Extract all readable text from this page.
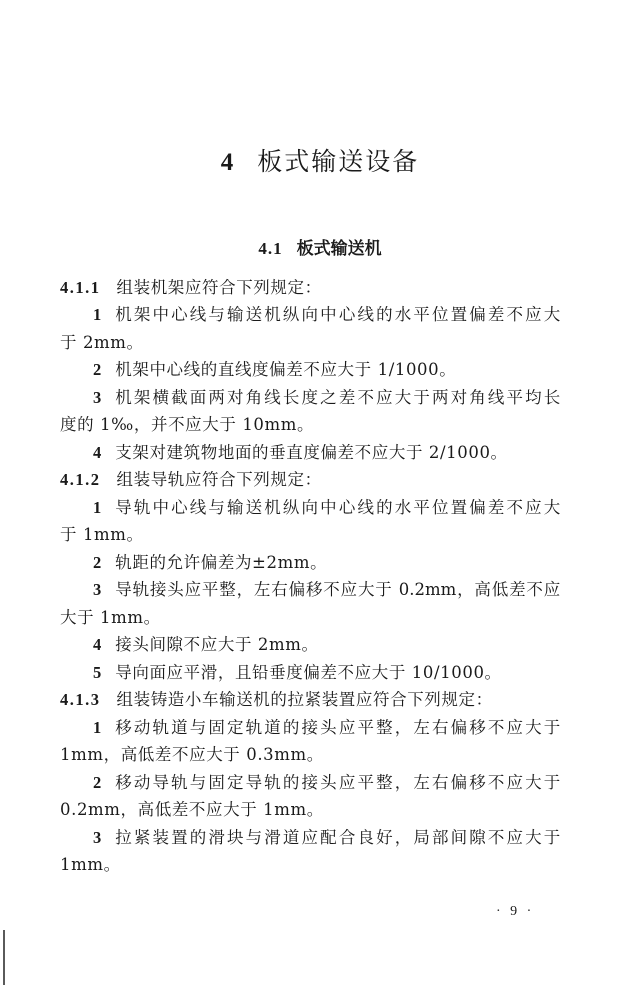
4 板式输送设备
4.1 板式输送机
4.1.1 组装机架应符合下列规定：
1 机架中心线与输送机纵向中心线的水平位置偏差不应大
于 2mm。
2 机架中心线的直线度偏差不应大于 1/1000。
3 机架横截面两对角线长度之差不应大于两对角线平均长
度的 1‰，并不应大于 10mm。
4 支架对建筑物地面的垂直度偏差不应大于 2/1000。
4.1.2 组装导轨应符合下列规定：
1 导轨中心线与输送机纵向中心线的水平位置偏差不应大
于 1mm。
2 轨距的允许偏差为±2mm。
3 导轨接头应平整，左右偏移不应大于 0.2mm，高低差不应
大于 1mm。
4 接头间隙不应大于 2mm。
5 导向面应平滑，且铅垂度偏差不应大于 10/1000。
4.1.3 组装铸造小车输送机的拉紧装置应符合下列规定：
1 移动轨道与固定轨道的接头应平整，左右偏移不应大于
1mm，高低差不应大于 0.3mm。
2 移动导轨与固定导轨的接头应平整，左右偏移不应大于
0.2mm，高低差不应大于 1mm。
3 拉紧装置的滑块与滑道应配合良好，局部间隙不应大于
1mm。
· 9 ·
